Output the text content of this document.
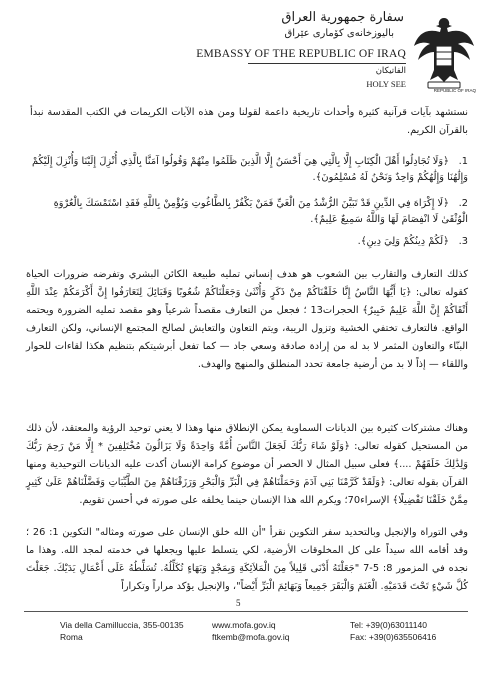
سفارة جمهورية العراق
باليوزخانەی کۆماری عێراق
EMBASSY OF THE REPUBLIC OF IRAQ
الفاتيكان
HOLY SEE
REPUBLIC OF IRAQ
نستشهد بآيات قرآنية كثيرة وأحداث تاريخية داعمة لقولنا ومن هذه الآيات الكريمات في الكتب المقدسة نبدأ بالقرآن الكريم.
1. ﴿وَلَا تُجَادِلُوا أَهْلَ الْكِتَابِ إِلَّا بِالَّتِي هِيَ أَحْسَنُ إِلَّا الَّذِينَ ظَلَمُوا مِنْهُمْ وَقُولُوا آمَنَّا بِالَّذِي أُنْزِلَ إِلَيْنَا وَأُنْزِلَ إِلَيْكُمْ وَإِلَٰهُنَا وَإِلَٰهُكُمْ وَاحِدٌ وَنَحْنُ لَهُ مُسْلِمُونَ﴾.
2. ﴿لَا إِكْرَاهَ فِي الدِّينِ قَدْ تَبَيَّنَ الرُّشْدُ مِنَ الْغَيِّ فَمَنْ يَكْفُرْ بِالطَّاغُوتِ وَيُؤْمِنْ بِاللَّهِ فَقَدِ اسْتَمْسَكَ بِالْعُرْوَةِ الْوُثْقَىٰ لَا انْفِصَامَ لَهَا وَاللَّهُ سَمِيعٌ عَلِيمٌ﴾.
3. ﴿لَكُمْ دِينُكُمْ وَلِيَ دِينِ﴾.
كذلك التعارف والتقارب بين الشعوب هو هدف إنساني تمليه طبيعة الكائن البشري وتفرضه ضرورات الحياة كقوله تعالى: ﴿يَا أَيُّهَا النَّاسُ إِنَّا خَلَقْنَاكُمْ مِنْ ذَكَرٍ وَأُنْثَىٰ وَجَعَلْنَاكُمْ شُعُوبًا وَقَبَائِلَ لِتَعَارَفُوا إِنَّ أَكْرَمَكُمْ عِنْدَ اللَّهِ أَتْقَاكُمْ إِنَّ اللَّهَ عَلِيمٌ خَبِيرٌ﴾ الحجرات13 ؛ فجعل من التعارف مقصداً شرعياً وهو مقصد تمليه الضرورة ويحتمه الواقع. فالتعارف تختفي الخشية وتزول الريبة، ويتم التعاون والتعايش لصالح المجتمع الإنساني، ولكن التعارف البنّاء والتعاون المثمر لا بد له من إرادة صادقة وسعي جاد — كما تفعل أبرشيتكم بتنظيم هكذا لقاءات للحوار واللقاء — إذاً لا بد من أرضية جامعة تحدد المنطلق والمنهج والهدف.
وهناك مشتركات كثيرة بين الديانات السماوية يمكن الإنطلاق منها وهذا لا يعني توحيد الرؤية والمعتقد، لأن ذلك من المستحيل كقوله تعالى: ﴿وَلَوْ شَاءَ رَبُّكَ لَجَعَلَ النَّاسَ أُمَّةً وَاحِدَةً وَلَا يَزَالُونَ مُخْتَلِفِينَ * إِلَّا مَنْ رَحِمَ رَبُّكَ وَلِذَٰلِكَ خَلَقَهُمْ ....﴾ فعلى سبيل المثال لا الحصر أن موضوع كرامة الإنسان أكدت عليه الديانات التوحيدية ومنها القرآن بقوله تعالى: ﴿وَلَقَدْ كَرَّمْنَا بَنِي آدَمَ وَحَمَلْنَاهُمْ فِي الْبَرِّ وَالْبَحْرِ وَرَزَقْنَاهُمْ مِنَ الطَّيِّبَاتِ وَفَضَّلْنَاهُمْ عَلَىٰ كَثِيرٍ مِمَّنْ خَلَقْنَا تَفْضِيلًا﴾ الإسراء70؛ ويكرم الله هذا الإنسان حينما يخلقه على صورته في أحسن تقويم.
وفي التوراة والإنجيل وبالتحديد سفر التكوين نقرأ "أن الله خلق الإنسان على صورته ومثاله" التكوين 1: 26 ؛ وقد أقامه الله سيداً على كل المخلوقات الأرضية، لكي يتسلط عليها ويجعلها في خدمته لمجد الله. وهذا ما نجده في المزمور 8: 5-7 "جَعَلْتَهُ أَدْنَى قَلِيلاً مِنَ الْمَلاَئِكَةِ وَبِمَجْدٍ وَبَهَاءٍ تُكَلِّلُهُ. تُسَلِّطُهُ عَلَى أَعْمَالِ يَدَيْكَ. جَعَلْتَ كُلَّ شَيْءٍ تَحْتَ قَدَمَيْهِ. الْغَنَمَ وَالْبَقَرَ جَمِيعاً وَبَهَائِمَ الْبَرِّ أَيْضاً"، والإنجيل يؤكد مراراً وتكراراً
5
Via della Camilluccia, 355-00135
Roma
www.mofa.gov.iq
ftkemb@mofa.gov.iq
Tel: +39(0)63011140
Fax: +39(0)635506416
